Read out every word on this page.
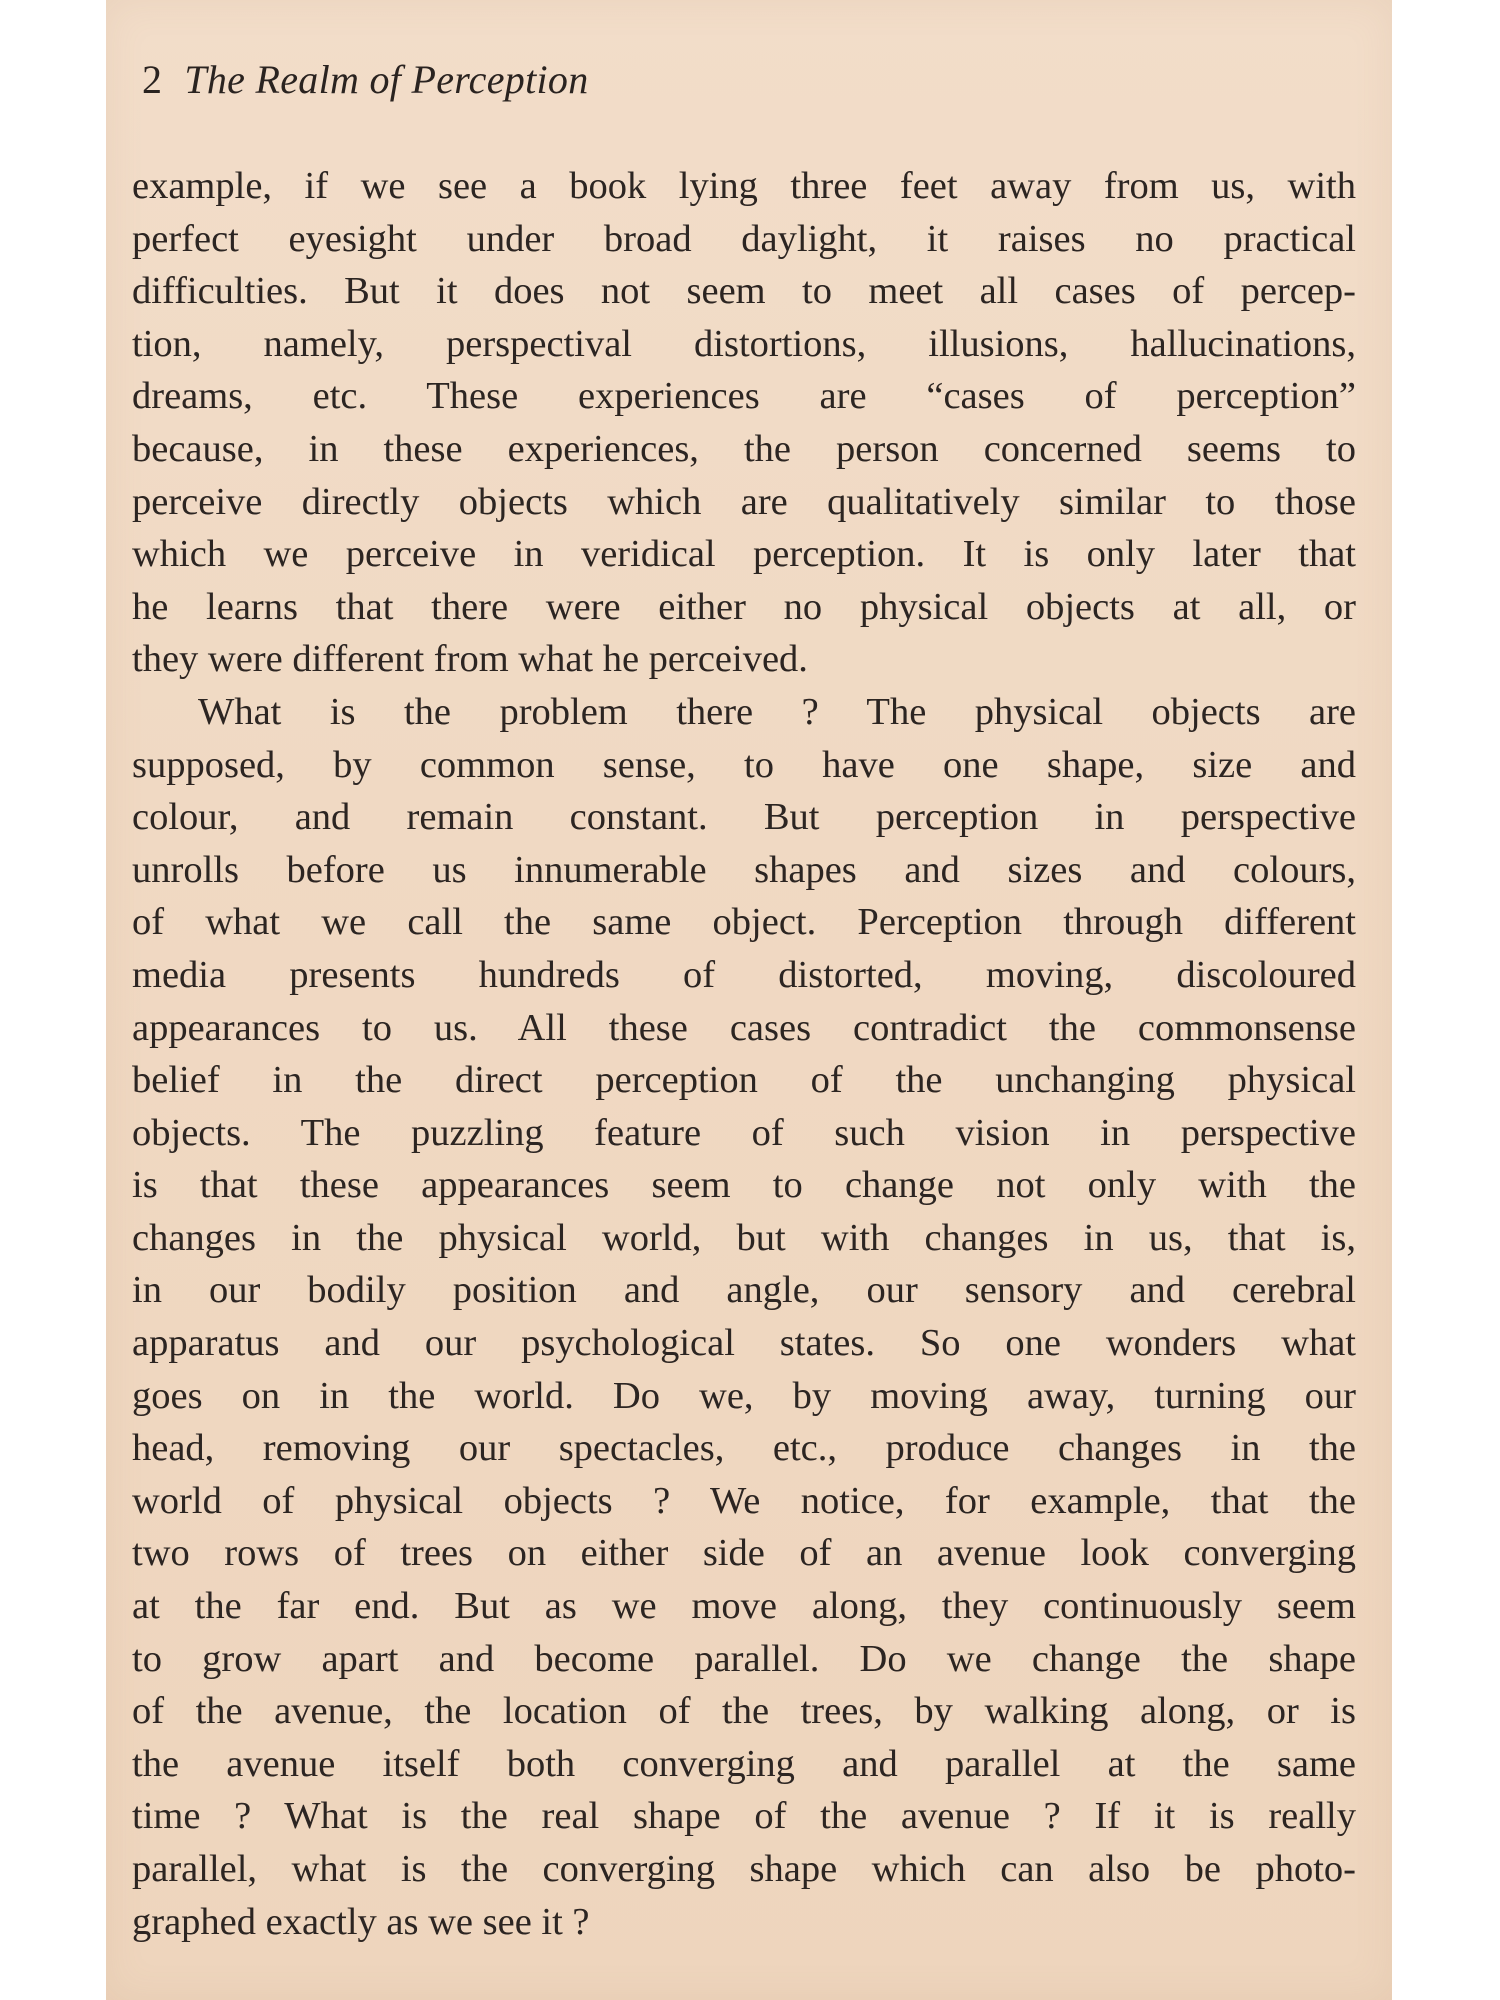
2 The Realm of Perception
example, if we see a book lying three feet away from us, with
perfect eyesight under broad daylight, it raises no practical
difficulties. But it does not seem to meet all cases of percep-
tion, namely, perspectival distortions, illusions, hallucinations,
dreams, etc. These experiences are “cases of perception”
because, in these experiences, the person concerned seems to
perceive directly objects which are qualitatively similar to those
which we perceive in veridical perception. It is only later that
he learns that there were either no physical objects at all, or
they were different from what he perceived.
What is the problem there ? The physical objects are
supposed, by common sense, to have one shape, size and
colour, and remain constant. But perception in perspective
unrolls before us innumerable shapes and sizes and colours,
of what we call the same object. Perception through different
media presents hundreds of distorted, moving, discoloured
appearances to us. All these cases contradict the commonsense
belief in the direct perception of the unchanging physical
objects. The puzzling feature of such vision in perspective
is that these appearances seem to change not only with the
changes in the physical world, but with changes in us, that is,
in our bodily position and angle, our sensory and cerebral
apparatus and our psychological states. So one wonders what
goes on in the world. Do we, by moving away, turning our
head, removing our spectacles, etc., produce changes in the
world of physical objects ? We notice, for example, that the
two rows of trees on either side of an avenue look converging
at the far end. But as we move along, they continuously seem
to grow apart and become parallel. Do we change the shape
of the avenue, the location of the trees, by walking along, or is
the avenue itself both converging and parallel at the same
time ? What is the real shape of the avenue ? If it is really
parallel, what is the converging shape which can also be photo-
graphed exactly as we see it ?
